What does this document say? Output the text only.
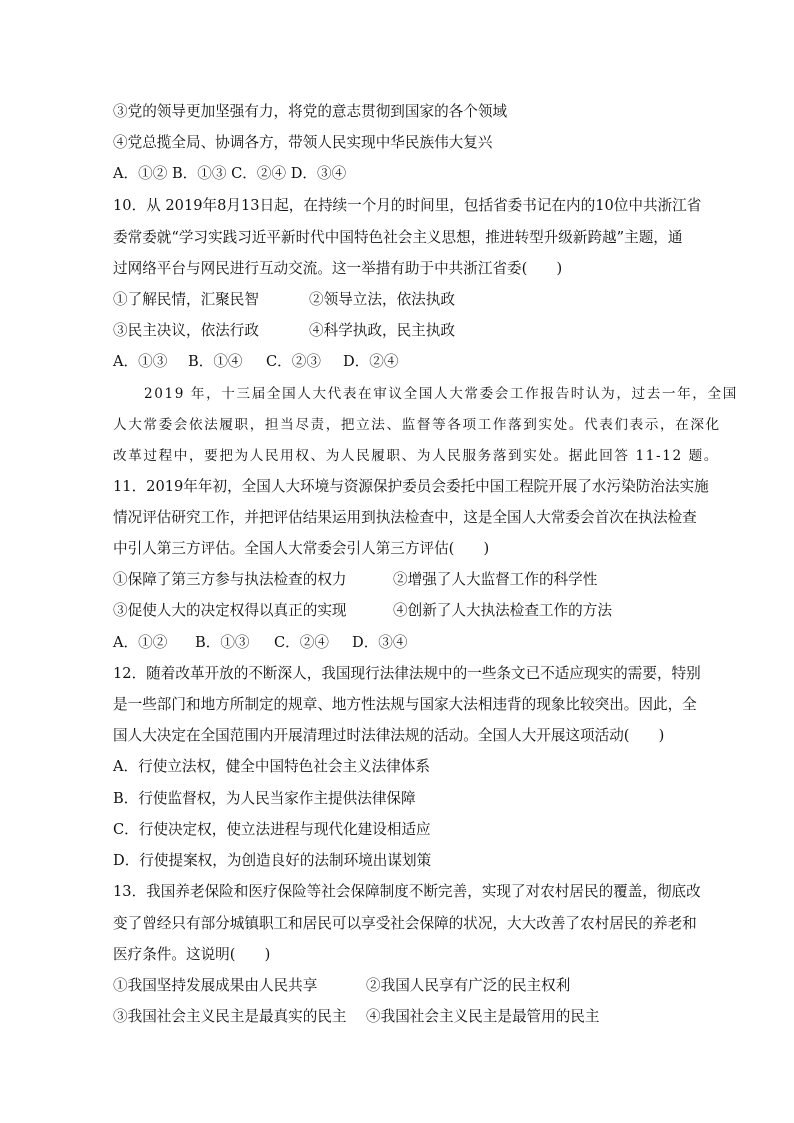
③党的领导更加坚强有力，将党的意志贯彻到国家的各个领域

④党总揽全局、协调各方，带领人民实现中华民族伟大复兴

A．①② B．①③ C．②④ D．③④

10．从 2019年8月13日起，在持续一个月的时间里，包括省委书记在内的10位中共浙江省

委常委就“学习实践习近平新时代中国特色社会主义思想，推进转型升级新跨越”主题，通

过网络平台与网民进行互动交流。这一举措有助于中共浙江省委(　　)

①了解民情，汇聚民智	②领导立法，依法执政
③民主决议，依法行政	④科学执政，民主执政
A．①③ B．①④ C．②③ D．②④

2019 年，十三届全国人大代表在审议全国人大常委会工作报告时认为，过去一年，全国

人大常委会依法履职，担当尽责，把立法、监督等各项工作落到实处。代表们表示，在深化

改革过程中，要把为人民用权、为人民履职、为人民服务落到实处。据此回答 11-12 题。

11．2019年年初，全国人大环境与资源保护委员会委托中国工程院开展了水污染防治法实施

情况评估研究工作，并把评估结果运用到执法检查中，这是全国人大常委会首次在执法检查

中引人第三方评估。全国人大常委会引人第三方评估(　　)

①保障了第三方参与执法检查的权力	②增强了人大监督工作的科学性
③促使人大的决定权得以真正的实现	④创新了人大执法检查工作的方法
A．①② B．①③ C．②④ D．③④

12．随着改革开放的不断深人，我国现行法律法规中的一些条文已不适应现实的需要，特别

是一些部门和地方所制定的规章、地方性法规与国家大法相违背的现象比较突出。因此，全

国人大决定在全国范围内开展清理过时法律法规的活动。全国人大开展这项活动(　　)

A．行使立法权，健全中国特色社会主义法律体系

B．行使监督权，为人民当家作主提供法律保障

C．行使决定权，使立法进程与现代化建设相适应

D．行使提案权，为创造良好的法制环境出谋划策

13．我国养老保险和医疗保险等社会保障制度不断完善，实现了对农村居民的覆盖，彻底改

变了曾经只有部分城镇职工和居民可以享受社会保障的状况，大大改善了农村居民的养老和

医疗条件。这说明(　　)

①我国坚持发展成果由人民共享	②我国人民享有广泛的民主权利
③我国社会主义民主是最真实的民主 ④我国社会主义民主是最管用的民主
